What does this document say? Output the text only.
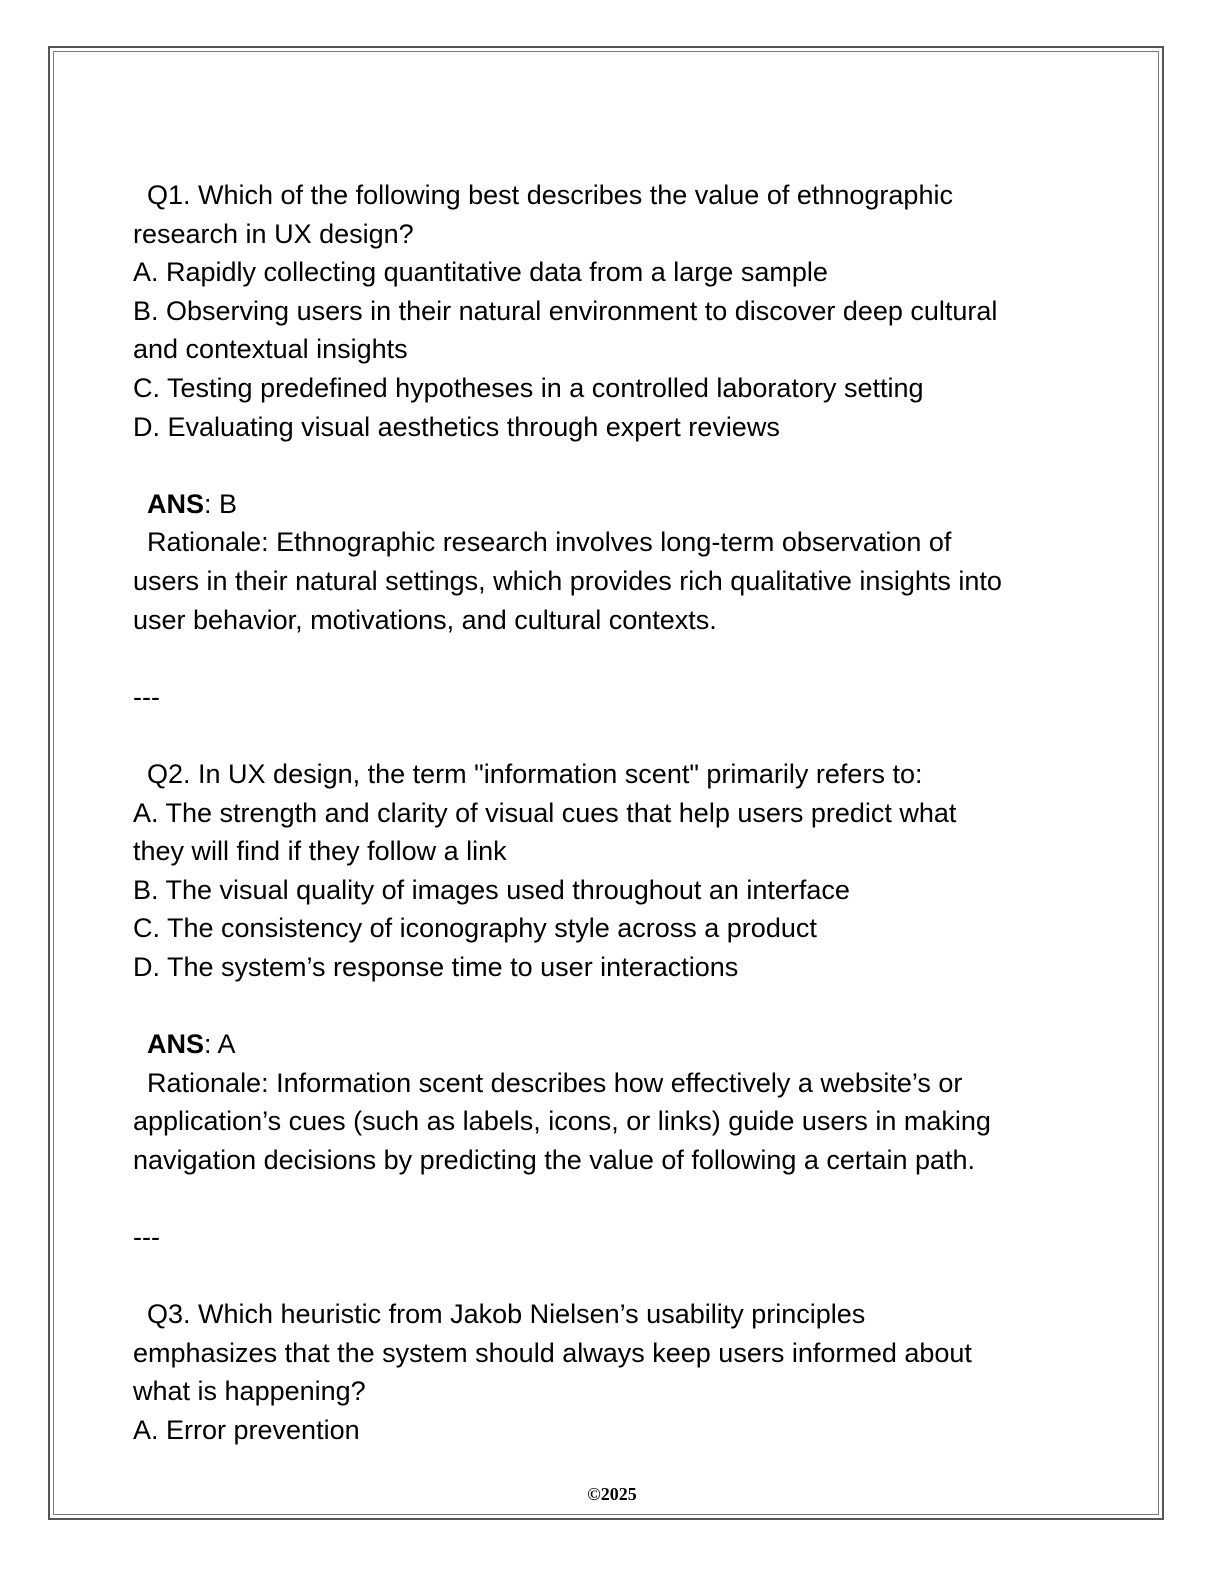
Q1. Which of the following best describes the value of ethnographic
research in UX design?
A. Rapidly collecting quantitative data from a large sample
B. Observing users in their natural environment to discover deep cultural
and contextual insights
C. Testing predefined hypotheses in a controlled laboratory setting
D. Evaluating visual aesthetics through expert reviews
ANS: B
Rationale: Ethnographic research involves long-term observation of
users in their natural settings, which provides rich qualitative insights into
user behavior, motivations, and cultural contexts.
---
Q2. In UX design, the term "information scent" primarily refers to:
A. The strength and clarity of visual cues that help users predict what
they will find if they follow a link
B. The visual quality of images used throughout an interface
C. The consistency of iconography style across a product
D. The system’s response time to user interactions
ANS: A
Rationale: Information scent describes how effectively a website’s or
application’s cues (such as labels, icons, or links) guide users in making
navigation decisions by predicting the value of following a certain path.
---
Q3. Which heuristic from Jakob Nielsen’s usability principles
emphasizes that the system should always keep users informed about
what is happening?
A. Error prevention
©2025
